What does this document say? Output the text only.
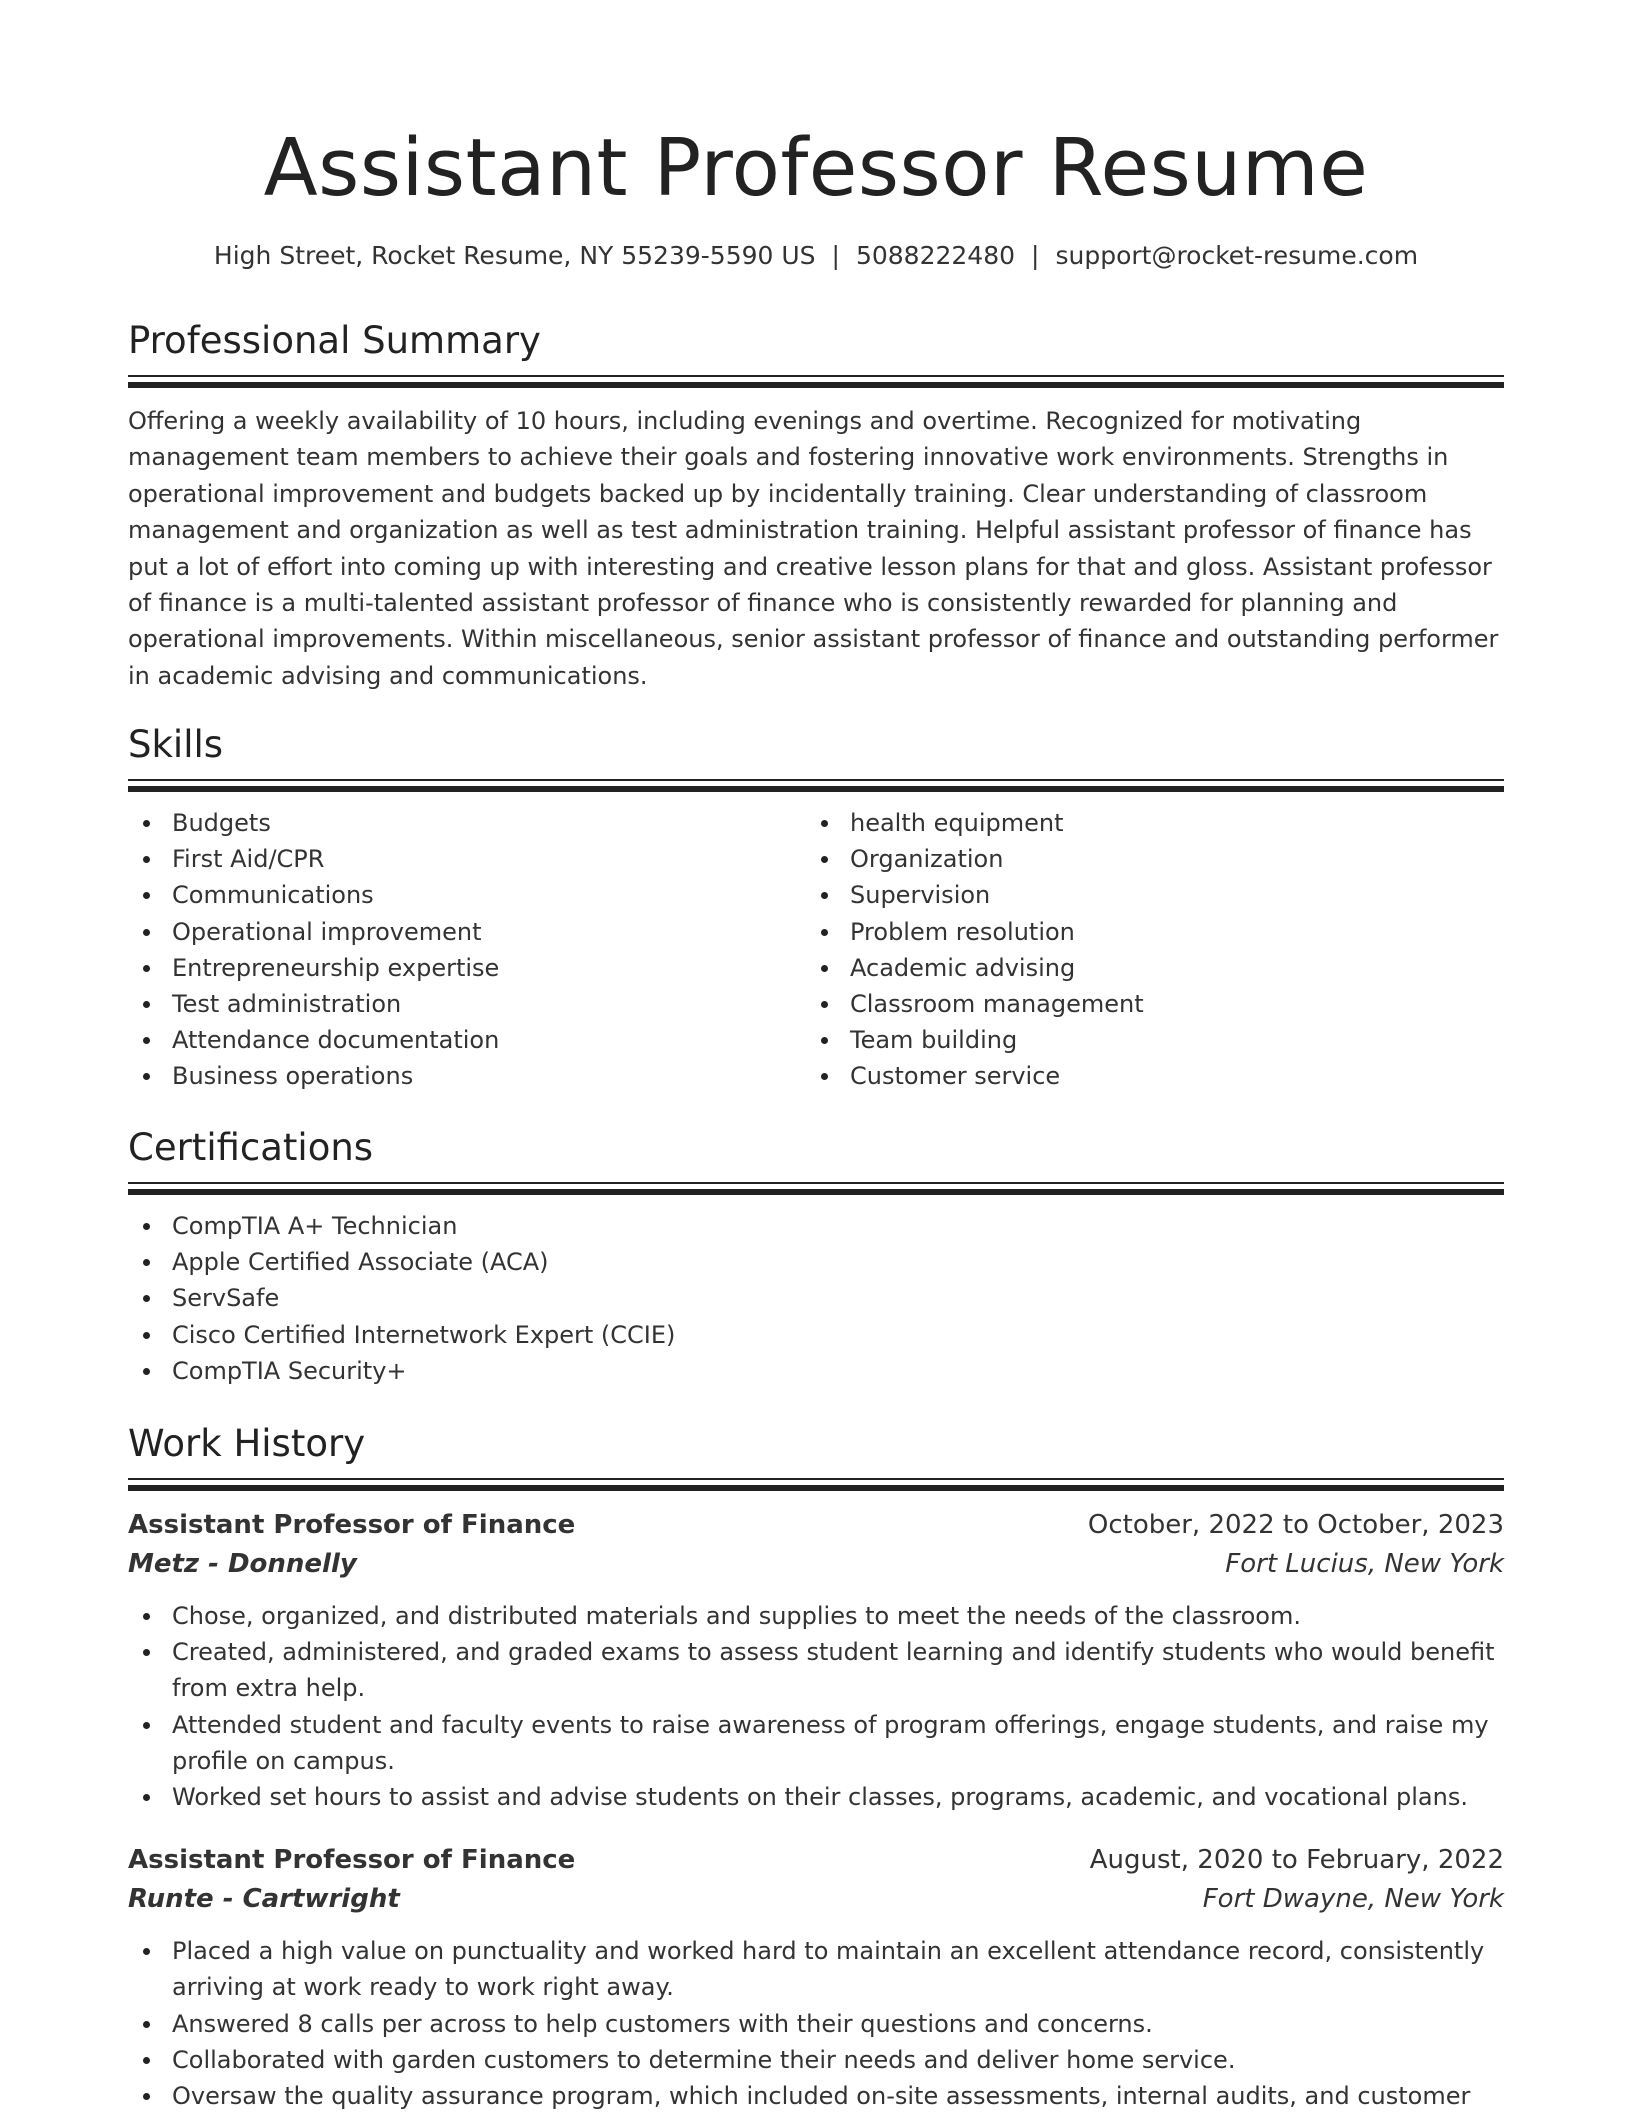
Assistant Professor Resume
High Street, Rocket Resume, NY 55239-5590 US | 5088222480 | support@rocket-resume.com
Professional Summary

Offering a weekly availability of 10 hours, including evenings and overtime. Recognized for motivating management team members to achieve their goals and fostering innovative work environments. Strengths in operational improvement and budgets backed up by incidentally training. Clear understanding of classroom management and organization as well as test administration training. Helpful assistant professor of finance has put a lot of effort into coming up with interesting and creative lesson plans for that and gloss. Assistant professor of finance is a multi-talented assistant professor of finance who is consistently rewarded for planning and operational improvements. Within miscellaneous, senior assistant professor of finance and outstanding performer in academic advising and communications.

Skills
Budgets
First Aid/CPR
Communications
Operational improvement
Entrepreneurship expertise
Test administration
Attendance documentation
Business operations
health equipment
Organization
Supervision
Problem resolution
Academic advising
Classroom management
Team building
Customer service
Certifications
CompTIA A+ Technician
Apple Certified Associate (ACA)
ServSafe
Cisco Certified Internetwork Expert (CCIE)
CompTIA Security+
Work History
Assistant Professor of Finance	October, 2022 to October, 2023
Metz - Donnelly	Fort Lucius, New York
Chose, organized, and distributed materials and supplies to meet the needs of the classroom.
Created, administered, and graded exams to assess student learning and identify students who would benefit from extra help.
Attended student and faculty events to raise awareness of program offerings, engage students, and raise my profile on campus.
Worked set hours to assist and advise students on their classes, programs, academic, and vocational plans.
Assistant Professor of Finance	August, 2020 to February, 2022
Runte - Cartwright	Fort Dwayne, New York
Placed a high value on punctuality and worked hard to maintain an excellent attendance record, consistently arriving at work ready to work right away.
Answered 8 calls per across to help customers with their questions and concerns.
Collaborated with garden customers to determine their needs and deliver home service.
Oversaw the quality assurance program, which included on-site assessments, internal audits, and customer
